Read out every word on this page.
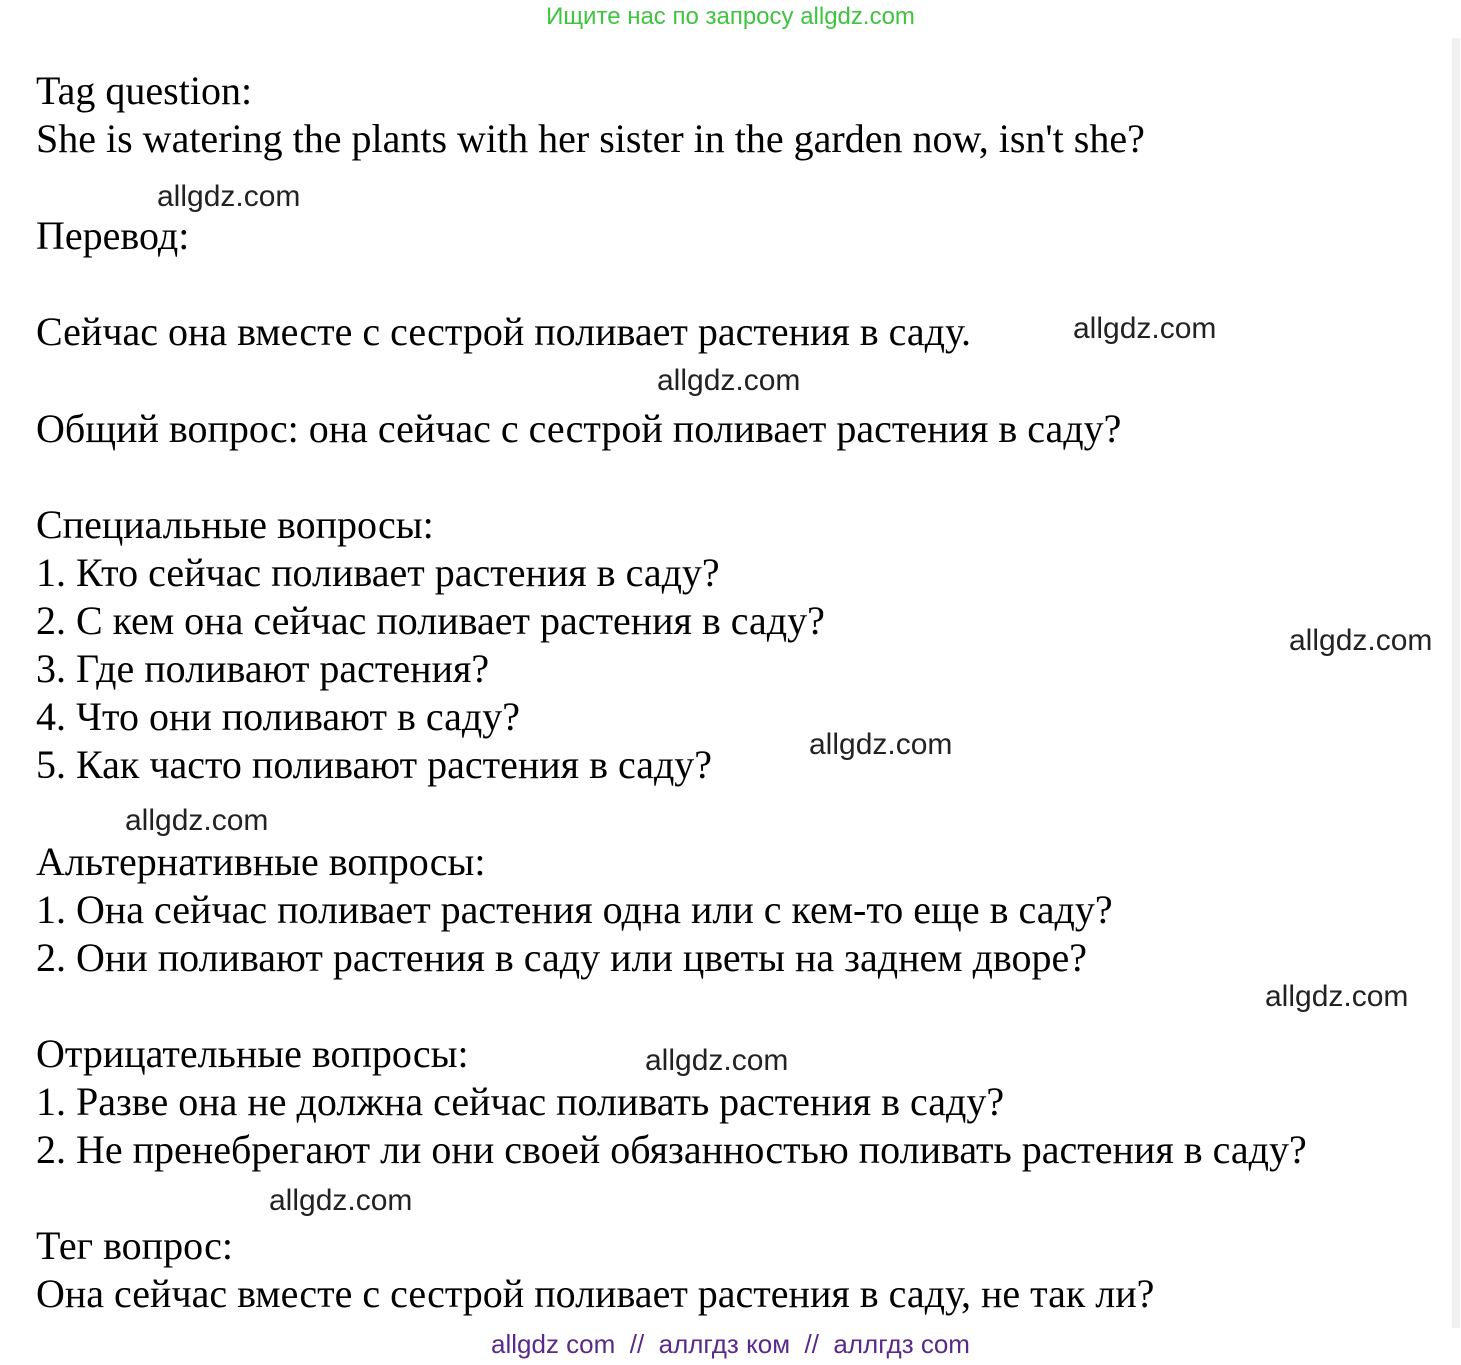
Ищите нас по запросу allgdz.com
Tag question:
She is watering the plants with her sister in the garden now, isn't she?
Перевод:
Сейчас она вместе с сестрой поливает растения в саду.
Общий вопрос: она сейчас с сестрой поливает растения в саду?
Специальные вопросы:
1. Кто сейчас поливает растения в саду?
2. С кем она сейчас поливает растения в саду?
3. Где поливают растения?
4. Что они поливают в саду?
5. Как часто поливают растения в саду?
Альтернативные вопросы:
1. Она сейчас поливает растения одна или с кем-то еще в саду?
2. Они поливают растения в саду или цветы на заднем дворе?
Отрицательные вопросы:
1. Разве она не должна сейчас поливать растения в саду?
2. Не пренебрегают ли они своей обязанностью поливать растения в саду?
Тег вопрос:
Она сейчас вместе с сестрой поливает растения в саду, не так ли?
allgdz.com
allgdz.com
allgdz.com
allgdz.com
allgdz.com
allgdz.com
allgdz.com
allgdz.com
allgdz.com
allgdz com  //  аллгдз ком  //  аллгдз com
